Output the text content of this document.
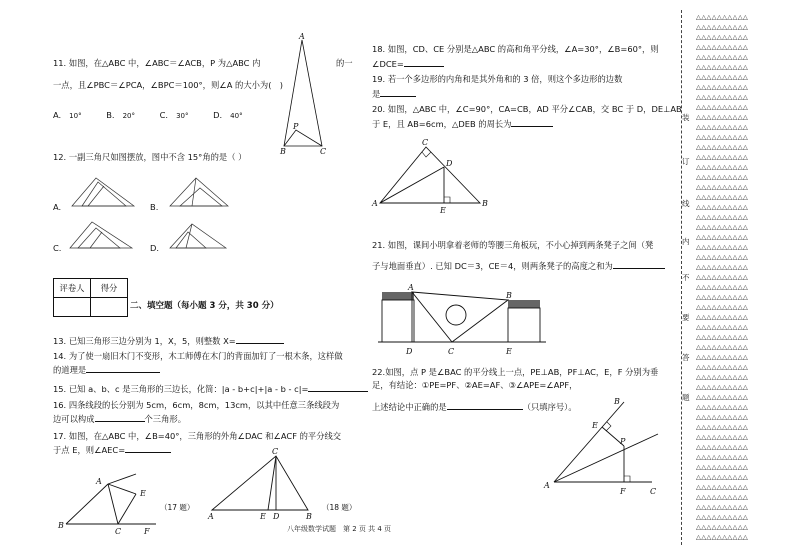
11. 如图，在△ABC 中，∠ABC＝∠ACB，P 为△ABC 内	的一
一点，且∠PBC＝∠PCA，∠BPC＝100°，则∠A 的大小为(　)
A. 10°	B. 20°	C. 30°	D. 40°
A
P
B	C
12. 一副三角尺如图摆放，图中不含 15°角的是（ ）
A.	B.
C.	D.
评卷人	得分

二、填空题（每小题 3 分，共 30 分）
13. 已知三角形三边分别为 1，X，5，则整数 X=
14. 为了使一扇旧木门不变形，木工师傅在木门的背面加钉了一根木条，这样做
的道理是
15. 已知 a、b、c 是三角形的三边长，化简：|a - b+c|+|a - b - c|=
16. 四条线段的长分别为 5cm，6cm，8cm，13cm，以其中任意三条线段为
边可以构成	个三角形。
17. 如图，在△ABC 中，∠B=40°，三角形的外角∠DAC 和∠ACF 的平分线交
于点 E，则∠AEC=
A
E
B
C	F
（17 题）
C
A	E D	B
（18 题）
18. 如图，CD、CE 分别是△ABC 的高和角平分线，∠A=30°，∠B=60°，则
∠DCE=
19. 若一个多边形的内角和是其外角和的 3 倍，则这个多边形的边数
是
20. 如图，△ABC 中，∠C=90°，CA=CB，AD 平分∠CAB，交 BC 于 D，DE⊥AB
于 E，且 AB=6cm，△DEB 的周长为
C
D
A
E
B
21. 如图，课间小明拿着老师的等腰三角板玩，不小心掉到两条凳子之间（凳
子与地面垂直）. 已知 DC＝3，CE＝4，则两条凳子的高度之和为
A
B
D	C	E
22.如图，点 P 是∠BAC 的平分线上一点，PE⊥AB，PF⊥AC，E，F 分别为垂
足，有结论：①PE=PF、②AE=AF、③∠APE=∠APF，
上述结论中正确的是	（只填序号）。
B
E
P
A
F	C
装
订
线
内
不
要
答
题
△△△△△△△△△△
△△△△△△△△△△
△△△△△△△△△△
△△△△△△△△△△
△△△△△△△△△△
△△△△△△△△△△
△△△△△△△△△△
△△△△△△△△△△
△△△△△△△△△△
△△△△△△△△△△
△△△△△△△△△△
△△△△△△△△△△
△△△△△△△△△△
△△△△△△△△△△
△△△△△△△△△△
△△△△△△△△△△
△△△△△△△△△△
△△△△△△△△△△
△△△△△△△△△△
△△△△△△△△△△
△△△△△△△△△△
△△△△△△△△△△
△△△△△△△△△△
△△△△△△△△△△
△△△△△△△△△△
△△△△△△△△△△
△△△△△△△△△△
△△△△△△△△△△
△△△△△△△△△△
△△△△△△△△△△
△△△△△△△△△△
△△△△△△△△△△
△△△△△△△△△△
△△△△△△△△△△
△△△△△△△△△△
△△△△△△△△△△
△△△△△△△△△△
△△△△△△△△△△
△△△△△△△△△△
△△△△△△△△△△
△△△△△△△△△△
△△△△△△△△△△
△△△△△△△△△△
△△△△△△△△△△
△△△△△△△△△△
△△△△△△△△△△
△△△△△△△△△△
△△△△△△△△△△
△△△△△△△△△△
△△△△△△△△△△
△△△△△△△△△△
△△△△△△△△△△
△△△△△△△△△△

八年级数学试题　第 2 页 共 4 页
